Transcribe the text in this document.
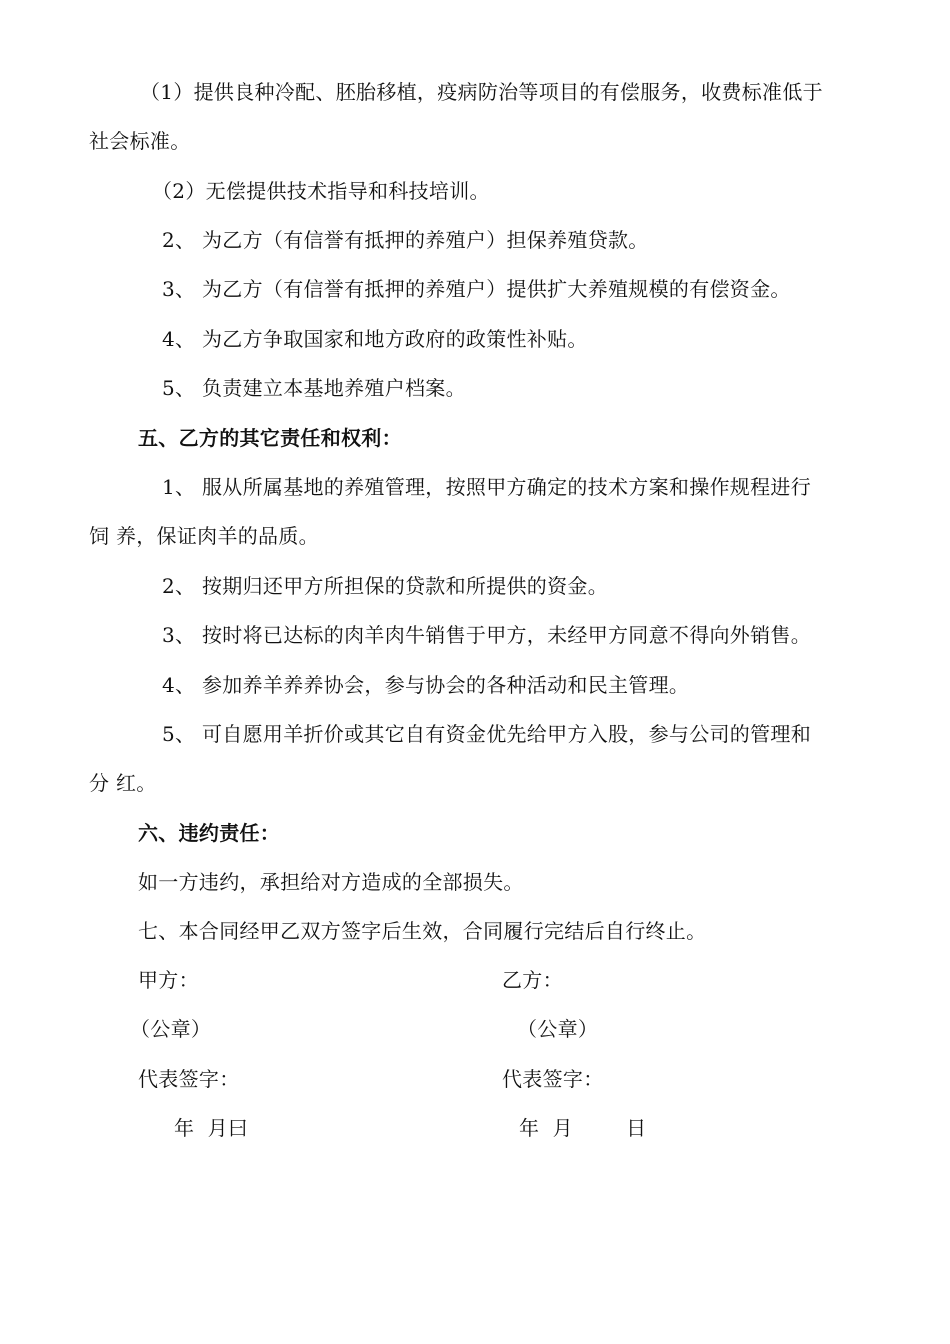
（1）提供良种冷配、胚胎移植，疫病防治等项目的有偿服务，收费标准低于
社会标准。
（2）无偿提供技术指导和科技培训。
2、 为乙方（有信誉有抵押的养殖户）担保养殖贷款。
3、 为乙方（有信誉有抵押的养殖户）提供扩大养殖规模的有偿资金。
4、 为乙方争取国家和地方政府的政策性补贴。
5、 负责建立本基地养殖户档案。
五、乙方的其它责任和权利：
1、 服从所属基地的养殖管理，按照甲方确定的技术方案和操作规程进行
饲 养，保证肉羊的品质。
2、 按期归还甲方所担保的贷款和所提供的资金。
3、 按时将已达标的肉羊肉牛销售于甲方，未经甲方同意不得向外销售。
4、 参加养羊养养协会，参与协会的各种活动和民主管理。
5、 可自愿用羊折价或其它自有资金优先给甲方入股，参与公司的管理和
分 红。
六、违约责任：
如一方违约，承担给对方造成的全部损失。
七、本合同经甲乙双方签字后生效，合同履行完结后自行终止。
甲方：	乙方：
（公章）	（公章）
代表签字：	代表签字：
年  月曰	年  月        日
